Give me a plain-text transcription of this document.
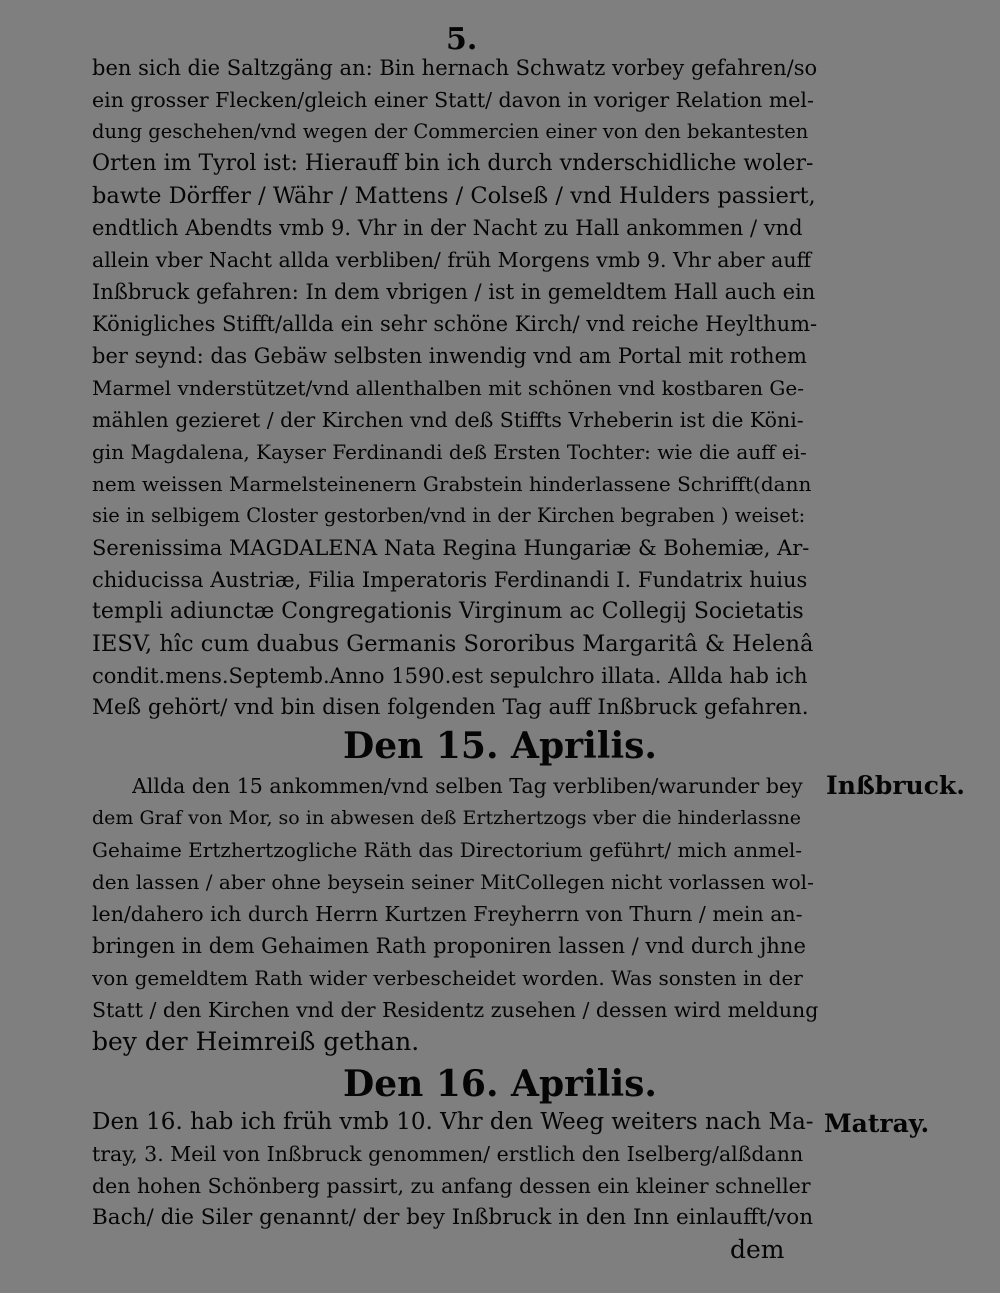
5.
ben sich die Saltzgäng an: Bin hernach Schwatz vorbey gefahren/so
ein grosser Flecken/gleich einer Statt/ davon in voriger Relation mel-
dung geschehen/vnd wegen der Commercien einer von den bekantesten
Orten im Tyrol ist: Hierauff bin ich durch vnderschidliche woler-
bawte Dörffer / Währ / Mattens / Colseß / vnd Hulders passiert,
endtlich Abendts vmb 9. Vhr in der Nacht zu Hall ankommen / vnd
allein vber Nacht allda verbliben/ früh Morgens vmb 9. Vhr aber auff
Inßbruck gefahren: In dem vbrigen / ist in gemeldtem Hall auch ein
Königliches Stifft/allda ein sehr schöne Kirch/ vnd reiche Heylthum-
ber seynd: das Gebäw selbsten inwendig vnd am Portal mit rothem
Marmel vnderstützet/vnd allenthalben mit schönen vnd kostbaren Ge-
mählen gezieret / der Kirchen vnd deß Stiffts Vrheberin ist die Köni-
gin Magdalena, Kayser Ferdinandi deß Ersten Tochter: wie die auff ei-
nem weissen Marmelsteinenern Grabstein hinderlassene Schrifft(dann
sie in selbigem Closter gestorben/vnd in der Kirchen begraben ) weiset:
Serenissima MAGDALENA Nata Regina Hungariæ & Bohemiæ, Ar-
chiducissa Austriæ, Filia Imperatoris Ferdinandi I. Fundatrix huius
templi adiunctæ Congregationis Virginum ac Collegij Societatis
IESV, hîc cum duabus Germanis Sororibus Margaritâ & Helenâ
condit.mens.Septemb.Anno 1590.est sepulchro illata. Allda hab ich
Meß gehört/ vnd bin disen folgenden Tag auff Inßbruck gefahren.
Den 15. Aprilis.
Allda den 15 ankommen/vnd selben Tag verbliben/warunder bey
dem Graf von Mor, so in abwesen deß Ertzhertzogs vber die hinderlassne
Gehaime Ertzhertzogliche Räth das Directorium geführt/ mich anmel-
den lassen / aber ohne beysein seiner MitCollegen nicht vorlassen wol-
len/dahero ich durch Herrn Kurtzen Freyherrn von Thurn / mein an-
bringen in dem Gehaimen Rath proponiren lassen / vnd durch jhne
von gemeldtem Rath wider verbescheidet worden. Was sonsten in der
Statt / den Kirchen vnd der Residentz zusehen / dessen wird meldung
bey der Heimreiß gethan.
Inßbruck.
Den 16. Aprilis.
Den 16. hab ich früh vmb 10. Vhr den Weeg weiters nach Ma-
tray, 3. Meil von Inßbruck genommen/ erstlich den Iselberg/alßdann
den hohen Schönberg passirt, zu anfang dessen ein kleiner schneller
Bach/ die Siler genannt/ der bey Inßbruck in den Inn einlaufft/von
Matray.
dem
